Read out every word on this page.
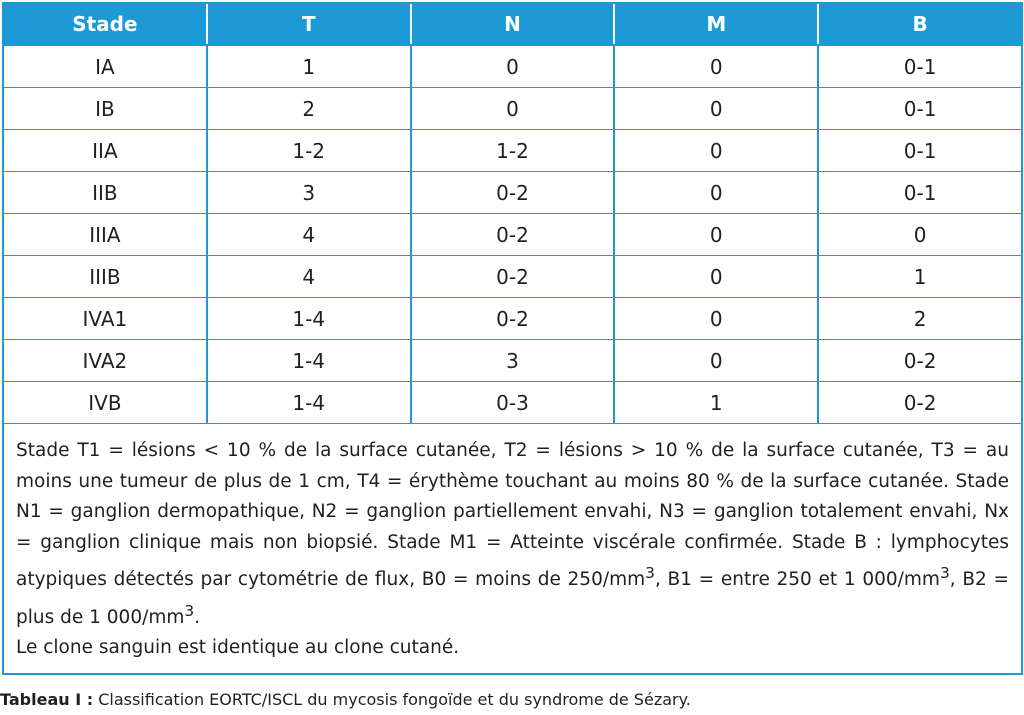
Stade	T	N	M	B
IA	1	0	0	0-1
IB	2	0	0	0-1
IIA	1-2	1-2	0	0-1
IIB	3	0-2	0	0-1
IIIA	4	0-2	0	0
IIIB	4	0-2	0	1
IVA1	1-4	0-2	0	2
IVA2	1-4	3	0	0-2
IVB	1-4	0-3	1	0-2

Stade T1 = lésions < 10 % de la surface cutanée, T2 = lésions > 10 % de la surface cutanée, T3 = au moins une tumeur de plus de 1 cm, T4 = érythème touchant au moins 80 % de la surface cutanée. Stade N1 = ganglion dermopathique, N2 = ganglion partiellement envahi, N3 = ganglion totalement envahi, Nx = ganglion clinique mais non biopsié. Stade M1 = Atteinte viscérale confirmée. Stade B : lymphocytes atypiques détectés par cytométrie de flux, B0 = moins de $250/mm^3$, B1 = entre 250 et 1 $000/mm^3$, B2 = plus de 1 $000/mm^3$.

Le clone sanguin est identique au clone cutané.

Tableau I : Classification EORTC/ISCL du mycosis fongoïde et du syndrome de Sézary.
